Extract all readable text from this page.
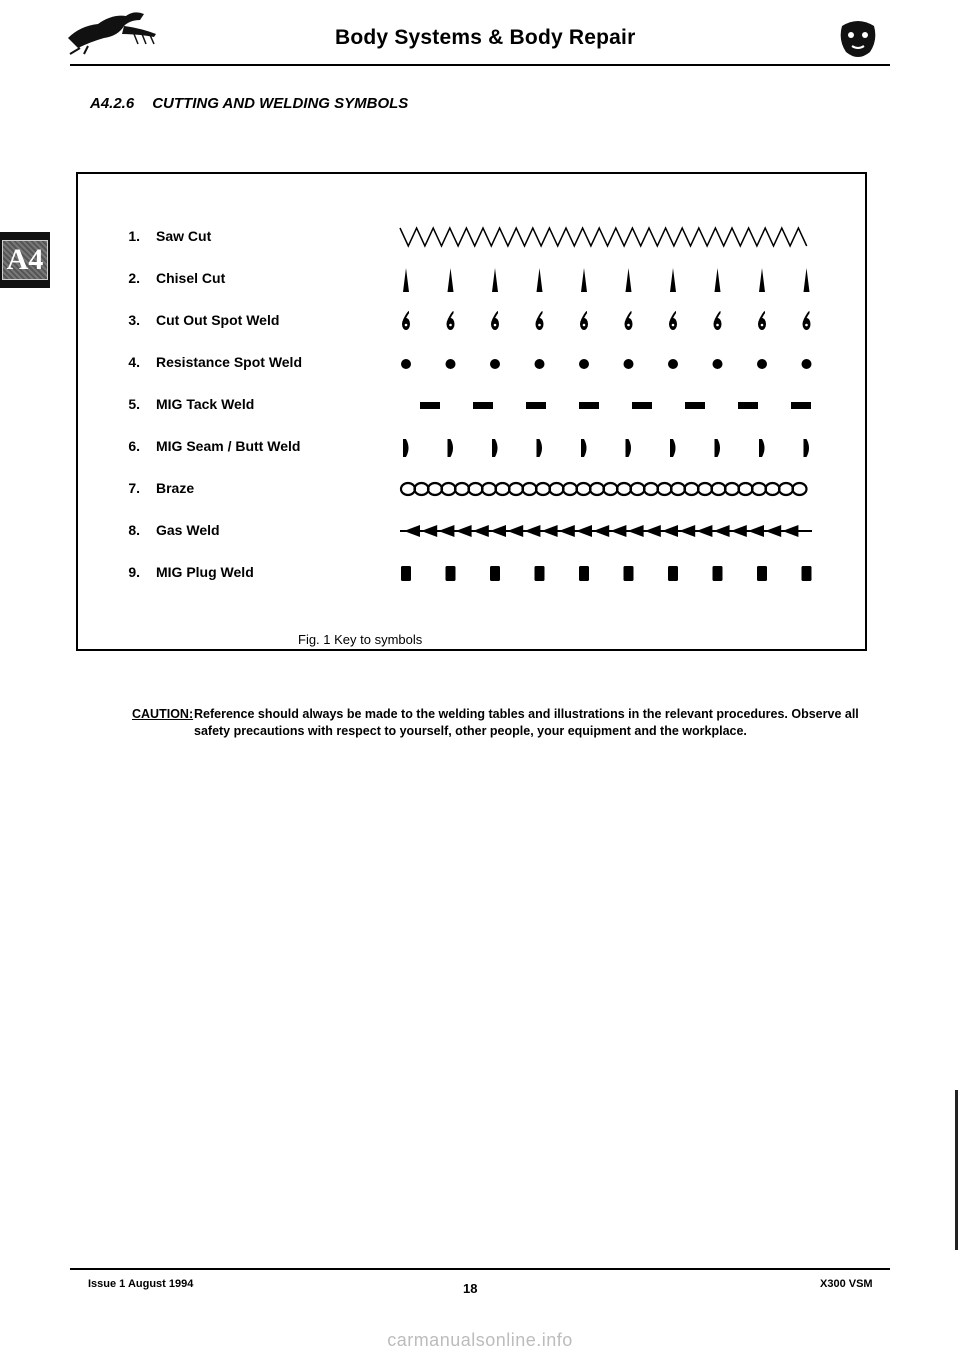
Body Systems & Body Repair
A4.2.6 CUTTING AND WELDING SYMBOLS
A4
1. Saw Cut
2. Chisel Cut
3. Cut Out Spot Weld
4. Resistance Spot Weld
5. MIG Tack Weld
6. MIG Seam / Butt Weld
7. Braze
8. Gas Weld
9. MIG Plug Weld
Fig. 1 Key to symbols
CAUTION: Reference should always be made to the welding tables and illustrations in the relevant procedures. Observe all safety precautions with respect to yourself, other people, your equipment and the workplace.
Issue 1 August 1994	18	X300 VSM
carmanualsonline.info
